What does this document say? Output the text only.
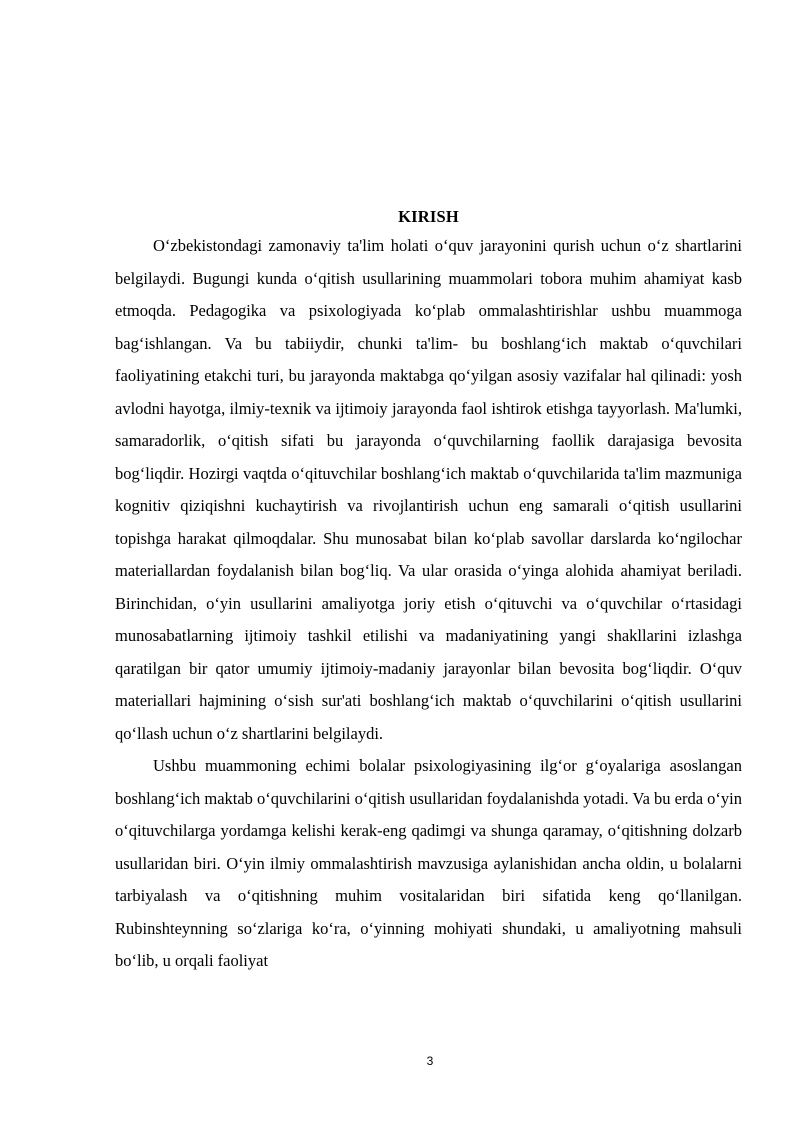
KIRISH

O‘zbekistondagi zamonaviy ta'lim holati o‘quv jarayonini qurish uchun o‘z shartlarini belgilaydi. Bugungi kunda o‘qitish usullarining muammolari tobora muhim ahamiyat kasb etmoqda. Pedagogika va psixologiyada ko‘plab ommalashtirishlar ushbu muammoga bag‘ishlangan. Va bu tabiiydir, chunki ta'lim- bu boshlang‘ich maktab o‘quvchilari faoliyatining etakchi turi, bu jarayonda maktabga qo‘yilgan asosiy vazifalar hal qilinadi: yosh avlodni hayotga, ilmiy-texnik va ijtimoiy jarayonda faol ishtirok etishga tayyorlash. Ma'lumki, samaradorlik, o‘qitish sifati bu jarayonda o‘quvchilarning faollik darajasiga bevosita bog‘liqdir. Hozirgi vaqtda o‘qituvchilar boshlang‘ich maktab o‘quvchilarida ta'lim mazmuniga kognitiv qiziqishni kuchaytirish va rivojlantirish uchun eng samarali o‘qitish usullarini topishga harakat qilmoqdalar. Shu munosabat bilan ko‘plab savollar darslarda ko‘ngilochar materiallardan foydalanish bilan bog‘liq. Va ular orasida o‘yinga alohida ahamiyat beriladi. Birinchidan, o‘yin usullarini amaliyotga joriy etish o‘qituvchi va o‘quvchilar o‘rtasidagi munosabatlarning ijtimoiy tashkil etilishi va madaniyatining yangi shakllarini izlashga qaratilgan bir qator umumiy ijtimoiy-madaniy jarayonlar bilan bevosita bog‘liqdir. O‘quv materiallari hajmining o‘sish sur'ati boshlang‘ich maktab o‘quvchilarini o‘qitish usullarini qo‘llash uchun o‘z shartlarini belgilaydi.

Ushbu muammoning echimi bolalar psixologiyasining ilg‘or g‘oyalariga asoslangan boshlang‘ich maktab o‘quvchilarini o‘qitish usullaridan foydalanishda yotadi. Va bu erda o‘yin o‘qituvchilarga yordamga kelishi kerak-eng qadimgi va shunga qaramay, o‘qitishning dolzarb usullaridan biri. O‘yin ilmiy ommalashtirish mavzusiga aylanishidan ancha oldin, u bolalarni tarbiyalash va o‘qitishning muhim vositalaridan biri sifatida keng qo‘llanilgan. Rubinshteynning so‘zlariga ko‘ra, o‘yinning mohiyati shundaki, u amaliyotning mahsuli bo‘lib, u orqali faoliyat

3
